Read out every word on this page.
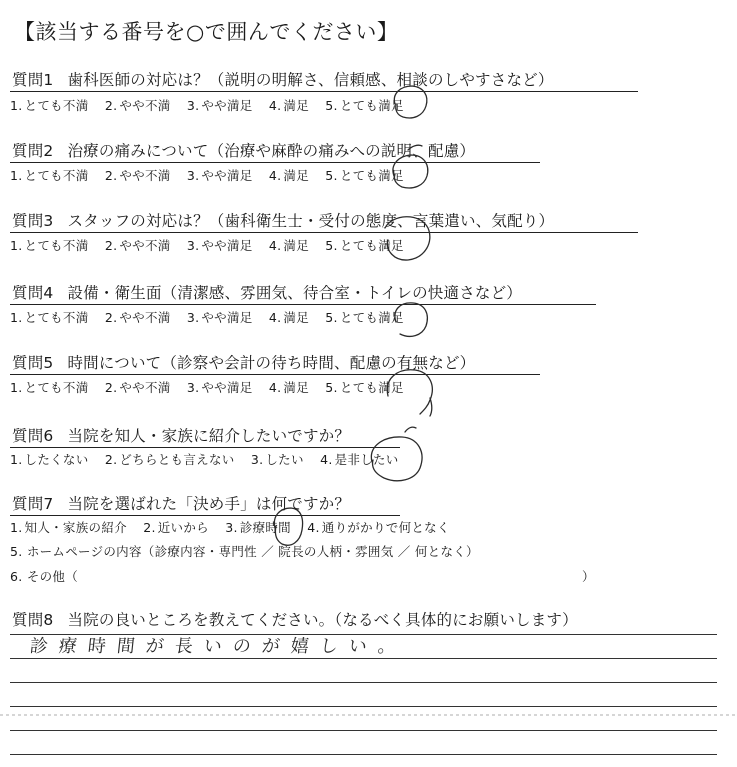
【該当する番号を○で囲んでください】
質問1 歯科医師の対応は？（説明の明解さ、信頼感、相談のしやすさなど）
1. とても不満 2. やや不満 3. やや満足 4. 満足 5. とても満足
質問2 治療の痛みについて（治療や麻酔の痛みへの説明、配慮）
1. とても不満 2. やや不満 3. やや満足 4. 満足 5. とても満足
質問3 スタッフの対応は？（歯科衛生士・受付の態度、言葉遣い、気配り）
1. とても不満 2. やや不満 3. やや満足 4. 満足 5. とても満足
質問4 設備・衛生面（清潔感、雰囲気、待合室・トイレの快適さなど）
1. とても不満 2. やや不満 3. やや満足 4. 満足 5. とても満足
質問5 時間について（診察や会計の待ち時間、配慮の有無など）
1. とても不満 2. やや不満 3. やや満足 4. 満足 5. とても満足
質問6 当院を知人・家族に紹介したいですか？
1. したくない 2. どちらとも言えない 3. したい 4. 是非したい
質問7 当院を選ばれた「決め手」は何ですか？
1. 知人・家族の紹介 2. 近いから 3. 診療時間 4. 通りがかりで何となく
5. ホームページの内容（診療内容・専門性 ／ 院長の人柄・雰囲気 ／ 何となく）
6. その他（	）
質問8 当院の良いところを教えてください。（なるべく具体的にお願いします）
診療時間が長いのが嬉しい。
